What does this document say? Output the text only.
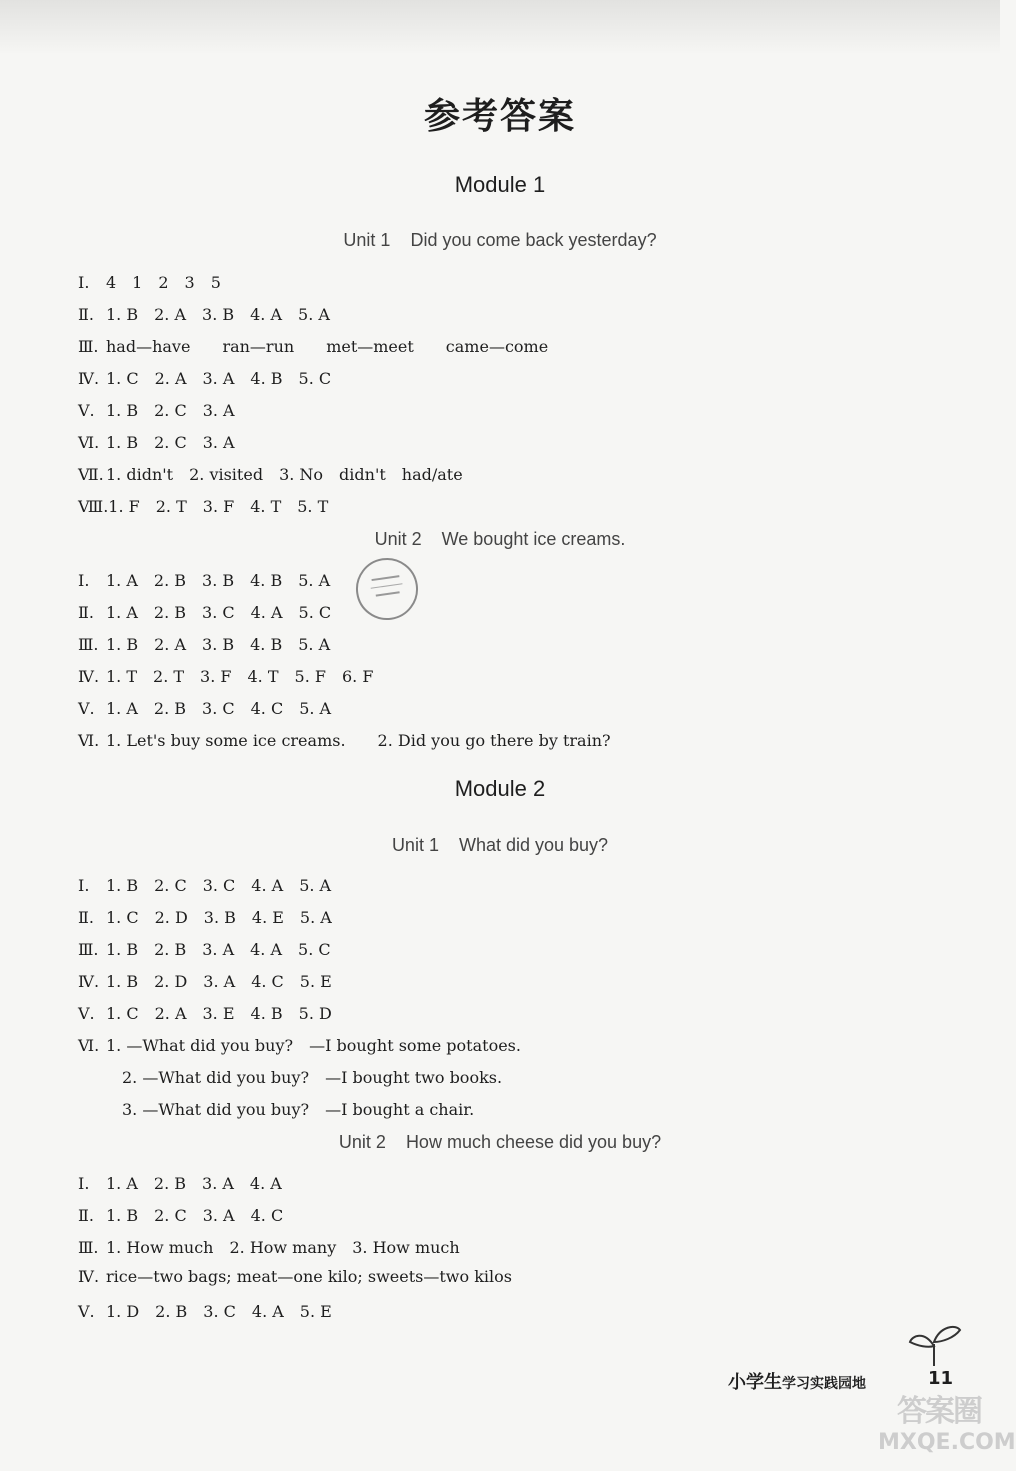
参考答案
Module 1
Unit 1 Did you come back yesterday?
Ⅰ. 4　1　2　3　5
Ⅱ. 1. B　2. A　3. B　4. A　5. A
Ⅲ. had—have　　ran—run　　met—meet　　came—come
Ⅳ. 1. C　2. A　3. A　4. B　5. C
Ⅴ. 1. B　2. C　3. A
Ⅵ. 1. B　2. C　3. A
Ⅶ. 1. didn't　2. visited　3. No　didn't　had/ate
Ⅷ.1. F　2. T　3. F　4. T　5. T
Unit 2 We bought ice creams.
Ⅰ. 1. A　2. B　3. B　4. B　5. A
Ⅱ. 1. A　2. B　3. C　4. A　5. C
Ⅲ. 1. B　2. A　3. B　4. B　5. A
Ⅳ. 1. T　2. T　3. F　4. T　5. F　6. F
Ⅴ. 1. A　2. B　3. C　4. C　5. A
Ⅵ. 1. Let's buy some ice creams.　　2. Did you go there by train?
Module 2
Unit 1 What did you buy?
Ⅰ. 1. B　2. C　3. C　4. A　5. A
Ⅱ. 1. C　2. D　3. B　4. E　5. A
Ⅲ. 1. B　2. B　3. A　4. A　5. C
Ⅳ. 1. B　2. D　3. A　4. C　5. E
Ⅴ. 1. C　2. A　3. E　4. B　5. D
Ⅵ. 1. —What did you buy?　—I bought some potatoes.
　2. —What did you buy?　—I bought two books.
　3. —What did you buy?　—I bought a chair.
Unit 2 How much cheese did you buy?
Ⅰ. 1. A　2. B　3. A　4. A
Ⅱ. 1. B　2. C　3. A　4. C
Ⅲ. 1. How much　2. How many　3. How much
Ⅳ. rice—two bags; meat—one kilo; sweets—two kilos
Ⅴ. 1. D　2. B　3. C　4. A　5. E
小学生学习实践园地	11
答案圈
MXQE.COM
